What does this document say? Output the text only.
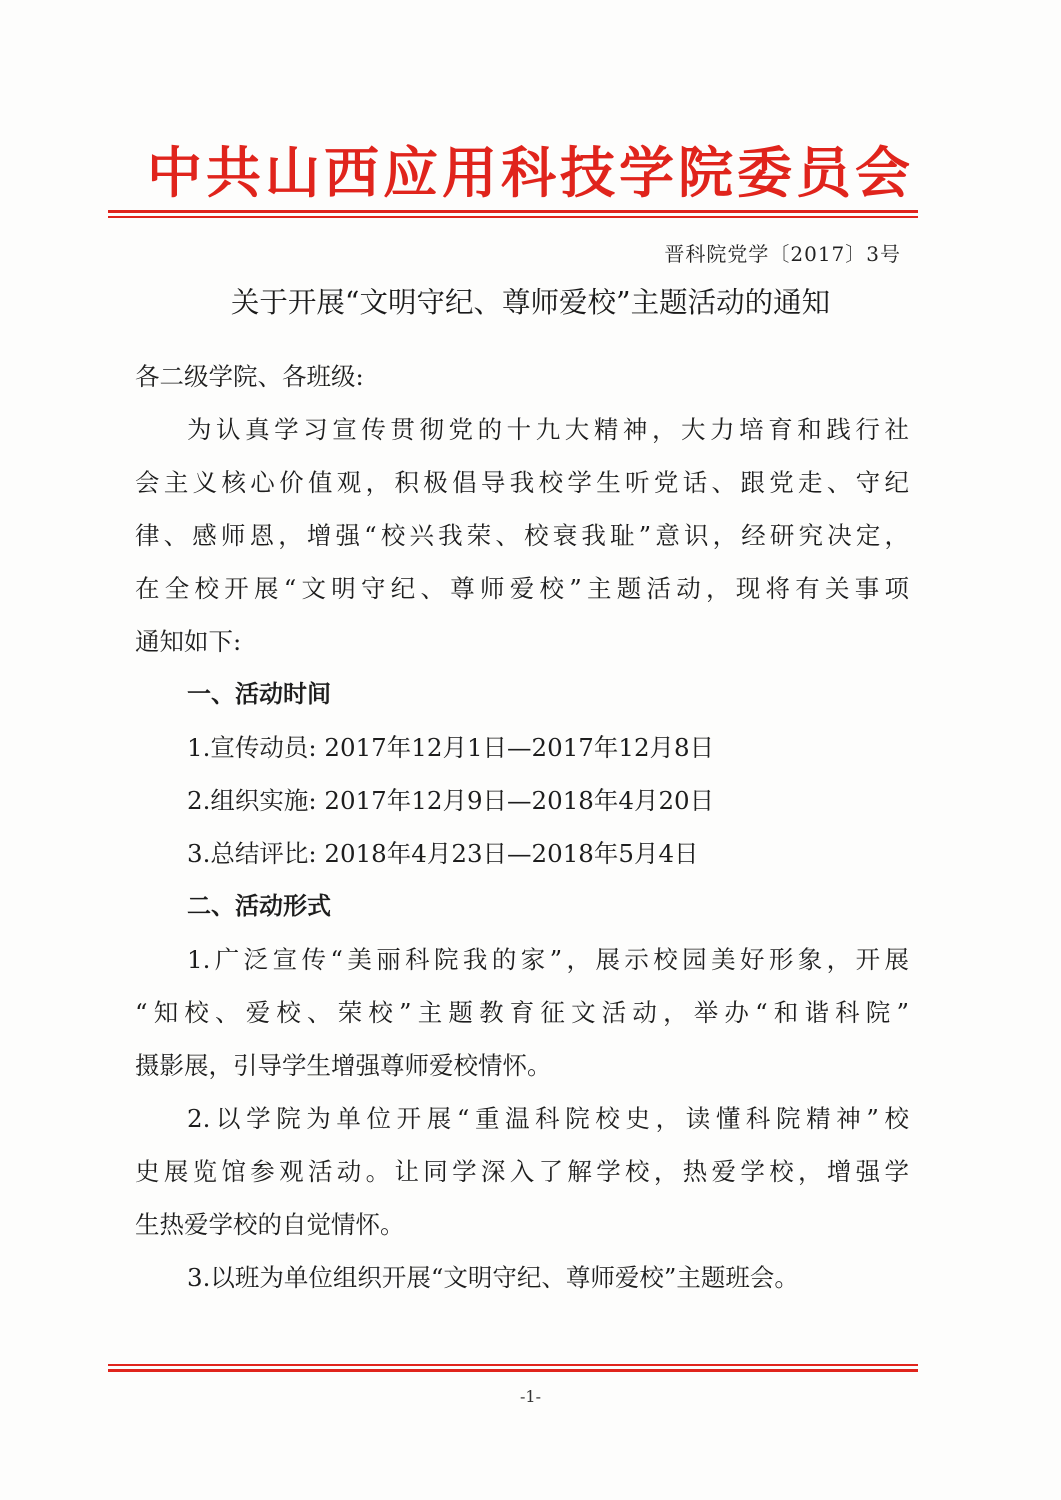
中共山西应用科技学院委员会
晋科院党学〔2017〕3号
关于开展“文明守纪、尊师爱校”主题活动的通知
各二级学院、各班级:
为认真学习宣传贯彻党的十九大精神，大力培育和践行社
会主义核心价值观，积极倡导我校学生听党话、跟党走、守纪
律、感师恩，增强“校兴我荣、校衰我耻”意识，经研究决定，
在全校开展“文明守纪、尊师爱校”主题活动，现将有关事项
通知如下:
一、活动时间
1.宣传动员: 2017年12月1日—2017年12月8日
2.组织实施: 2017年12月9日—2018年4月20日
3.总结评比: 2018年4月23日—2018年5月4日
二、活动形式
1.广泛宣传“美丽科院我的家”，展示校园美好形象，开展
“知校、爱校、荣校”主题教育征文活动，举办“和谐科院”
摄影展，引导学生增强尊师爱校情怀。
2.以学院为单位开展“重温科院校史，读懂科院精神”校
史展览馆参观活动。让同学深入了解学校，热爱学校，增强学
生热爱学校的自觉情怀。
3.以班为单位组织开展“文明守纪、尊师爱校”主题班会。
-1-
